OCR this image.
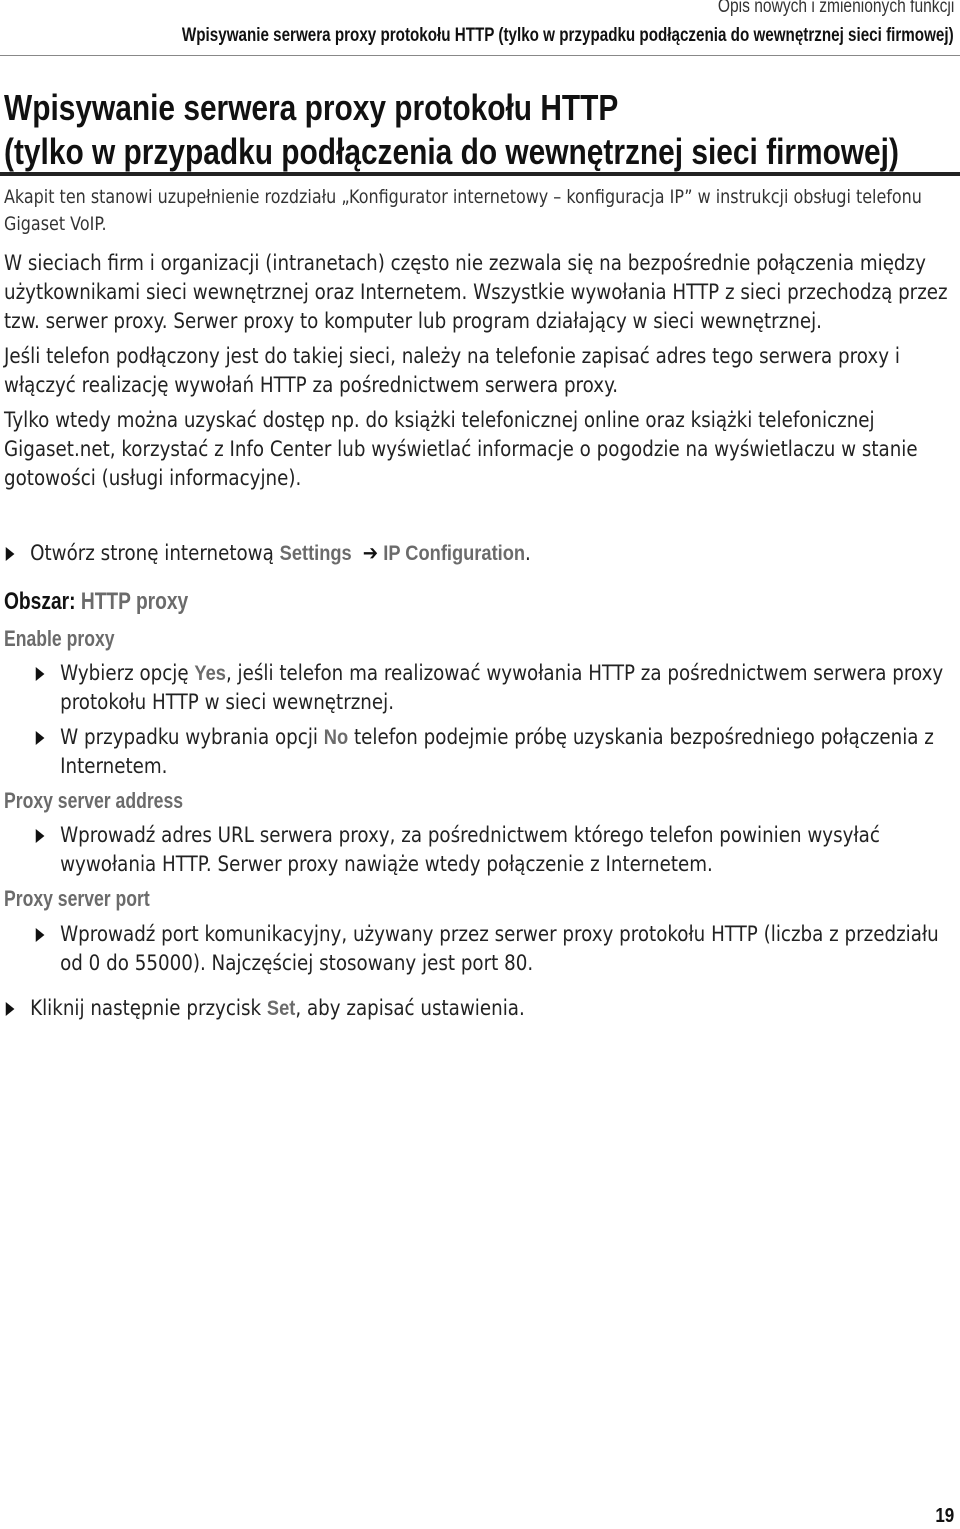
Opis nowych i zmienionych funkcji
Wpisywanie serwera proxy protokołu HTTP (tylko w przypadku podłączenia do wewnętrznej sieci firmowej)
Wpisywanie serwera proxy protokołu HTTP
(tylko w przypadku podłączenia do wewnętrznej sieci firmowej)

Akapit ten stanowi uzupełnienie rozdziału „Konfigurator internetowy – konfiguracja IP” w instrukcji obsługi telefonu Gigaset VoIP.

W sieciach firm i organizacji (intranetach) często nie zezwala się na bezpośrednie połączenia między użytkownikami sieci wewnętrznej oraz Internetem. Wszystkie wywołania HTTP z sieci przechodzą przez tzw. serwer proxy. Serwer proxy to komputer lub program działający w sieci wewnętrznej.

Jeśli telefon podłączony jest do takiej sieci, należy na telefonie zapisać adres tego serwera proxy i włączyć realizację wywołań HTTP za pośrednictwem serwera proxy.

Tylko wtedy można uzyskać dostęp np. do książki telefonicznej online oraz książki telefonicznej Gigaset.net, korzystać z Info Center lub wyświetlać informacje o pogodzie na wyświetlaczu w stanie gotowości (usługi informacyjne).

Otwórz stronę internetową Settings ➔ IP Configuration.
Obszar: HTTP proxy
Enable proxy
Wybierz opcję Yes, jeśli telefon ma realizować wywołania HTTP za pośrednictwem serwera proxy protokołu HTTP w sieci wewnętrznej.
W przypadku wybrania opcji No telefon podejmie próbę uzyskania bezpośredniego połączenia z Internetem.
Proxy server address
Wprowadź adres URL serwera proxy, za pośrednictwem którego telefon powinien wysyłać wywołania HTTP. Serwer proxy nawiąże wtedy połączenie z Internetem.
Proxy server port
Wprowadź port komunikacyjny, używany przez serwer proxy protokołu HTTP (liczba z przedziału od 0 do 55000). Najczęściej stosowany jest port 80.
Kliknij następnie przycisk Set, aby zapisać ustawienia.
19
